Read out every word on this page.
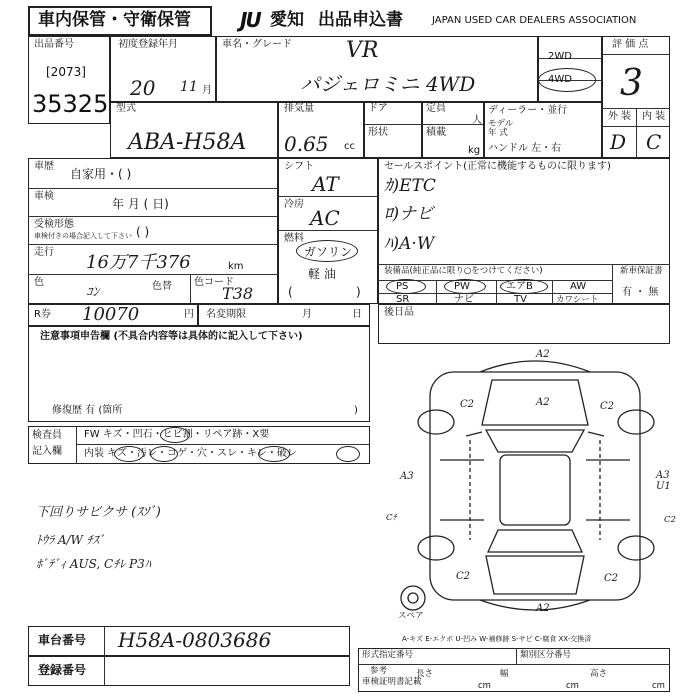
車内保管・守衛保管 JU 愛知 出品申込書	JAPAN USED CAR DEALERS ASSOCIATION
出品番号
[2073]
35325
初度登録年月
20 11 月
車名・グレード VR
パジェロミニ 4WD
2WD
4WD
評 価 点
3
外 装 内 装
D C
型式
ABA-H58A
排気量
0.65 cc
ドア
形状
定員
人
積載
kg
ディーラー・並行
モデル
年 式
ハンドル 左・右
車歴
自家用・( )
車検
年 月 ( 日)
受検形態
車検付きの場合記入して下さい ( )
走行 16万7千376	km
色
ｺﾝ	色替 色コード
T38
シフト
AT
冷房
AC
燃料
ガソリン
軽 油
(	)
セールスポイント(正常に機能するものに限ります)
ｶ)ETC
ﾛ)ナビ
ﾊ)A·W
装備品(純正品に限り○をつけてください)	新車保証書
有 ・ 無
PS	PW	エアB	AW
SR	ナビ	TV	カワシート
R券 10070	円 名変期限	月	日 後日品
注意事項申告欄 (不具合内容等は具体的に記入して下さい)
修復歴 有 (箇所	)
検査員
記入欄
FW キズ・凹石・ヒビ割・リペア跡・X要
内装 キズ・汚レ・コゲ・穴・スレ・キレ・破レ
下回りサビクサ (ｽｿﾞ)
ﾄｳﾗ A/W ﾁｽﾞ
ﾎﾞﾃﾞｨ AUS, Cﾁﾚ P3ﾊ
A2
A2
C2	C2
A3	A3
U1
Cﾁ	C2
C2	C2
A2
スペア
A-キズ E-エクボ U-凹み W-補修跡 S-サビ C-腐食 XX-交換済
車台番号 H58A-0803686
登録番号
形式指定番号	類別区分番号
参考
車検証明書記載
長さ
cm
幅
cm
高さ
cm
